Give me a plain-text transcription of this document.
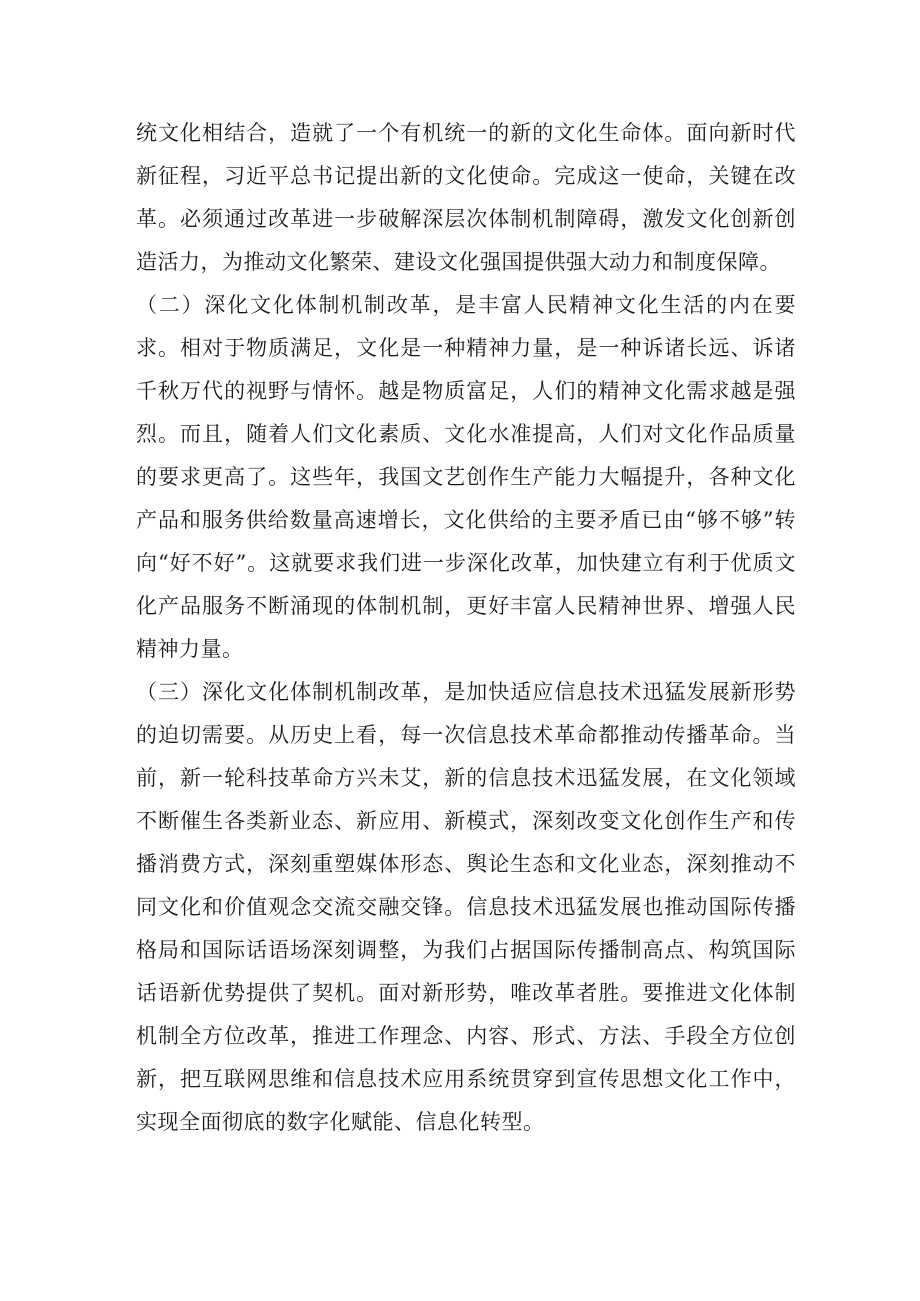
统文化相结合，造就了一个有机统一的新的文化生命体。面向新时代新征程，习近平总书记提出新的文化使命。完成这一使命，关键在改革。必须通过改革进一步破解深层次体制机制障碍，激发文化创新创造活力，为推动文化繁荣、建设文化强国提供强大动力和制度保障。

（二）深化文化体制机制改革，是丰富人民精神文化生活的内在要求。相对于物质满足，文化是一种精神力量，是一种诉诸长远、诉诸千秋万代的视野与情怀。越是物质富足，人们的精神文化需求越是强烈。而且，随着人们文化素质、文化水准提高，人们对文化作品质量的要求更高了。这些年，我国文艺创作生产能力大幅提升，各种文化产品和服务供给数量高速增长，文化供给的主要矛盾已由“够不够”转向“好不好”。这就要求我们进一步深化改革，加快建立有利于优质文化产品服务不断涌现的体制机制，更好丰富人民精神世界、增强人民精神力量。

（三）深化文化体制机制改革，是加快适应信息技术迅猛发展新形势的迫切需要。从历史上看，每一次信息技术革命都推动传播革命。当前，新一轮科技革命方兴未艾，新的信息技术迅猛发展，在文化领域不断催生各类新业态、新应用、新模式，深刻改变文化创作生产和传播消费方式，深刻重塑媒体形态、舆论生态和文化业态，深刻推动不同文化和价值观念交流交融交锋。信息技术迅猛发展也推动国际传播格局和国际话语场深刻调整，为我们占据国际传播制高点、构筑国际话语新优势提供了契机。面对新形势，唯改革者胜。要推进文化体制机制全方位改革，推进工作理念、内容、形式、方法、手段全方位创新，把互联网思维和信息技术应用系统贯穿到宣传思想文化工作中，实现全面彻底的数字化赋能、信息化转型。
